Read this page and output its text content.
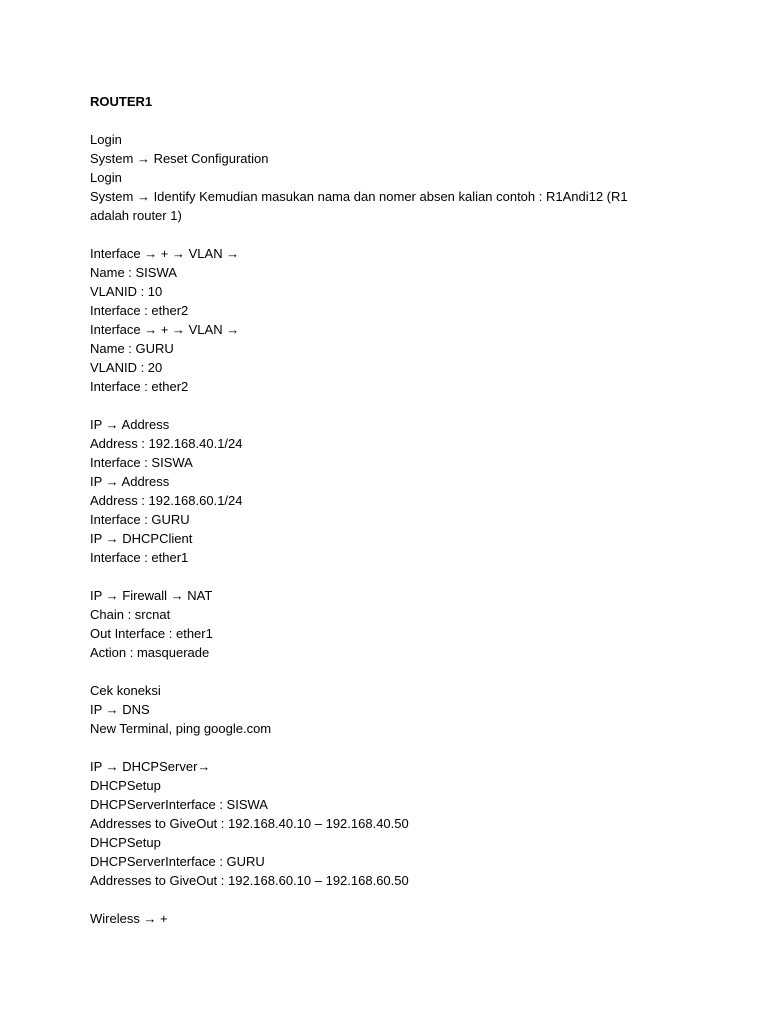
ROUTER1

Login
System → Reset Configuration
Login
System → Identify Kemudian masukan nama dan nomer absen kalian contoh : R1Andi12 (R1 adalah router 1)

Interface → + → VLAN →
Name : SISWA
VLANID : 10
Interface : ether2
Interface → + → VLAN →
Name : GURU
VLANID : 20
Interface : ether2

IP → Address
Address : 192.168.40.1/24
Interface : SISWA
IP → Address
Address : 192.168.60.1/24
Interface : GURU
IP → DHCPClient
Interface : ether1

IP → Firewall → NAT
Chain : srcnat
Out Interface : ether1
Action : masquerade

Cek koneksi
IP → DNS
New Terminal, ping google.com

IP → DHCPServer→
DHCPSetup
DHCPServerInterface : SISWA
Addresses to GiveOut : 192.168.40.10 – 192.168.40.50
DHCPSetup
DHCPServerInterface : GURU
Addresses to GiveOut : 192.168.60.10 – 192.168.60.50

Wireless → +
